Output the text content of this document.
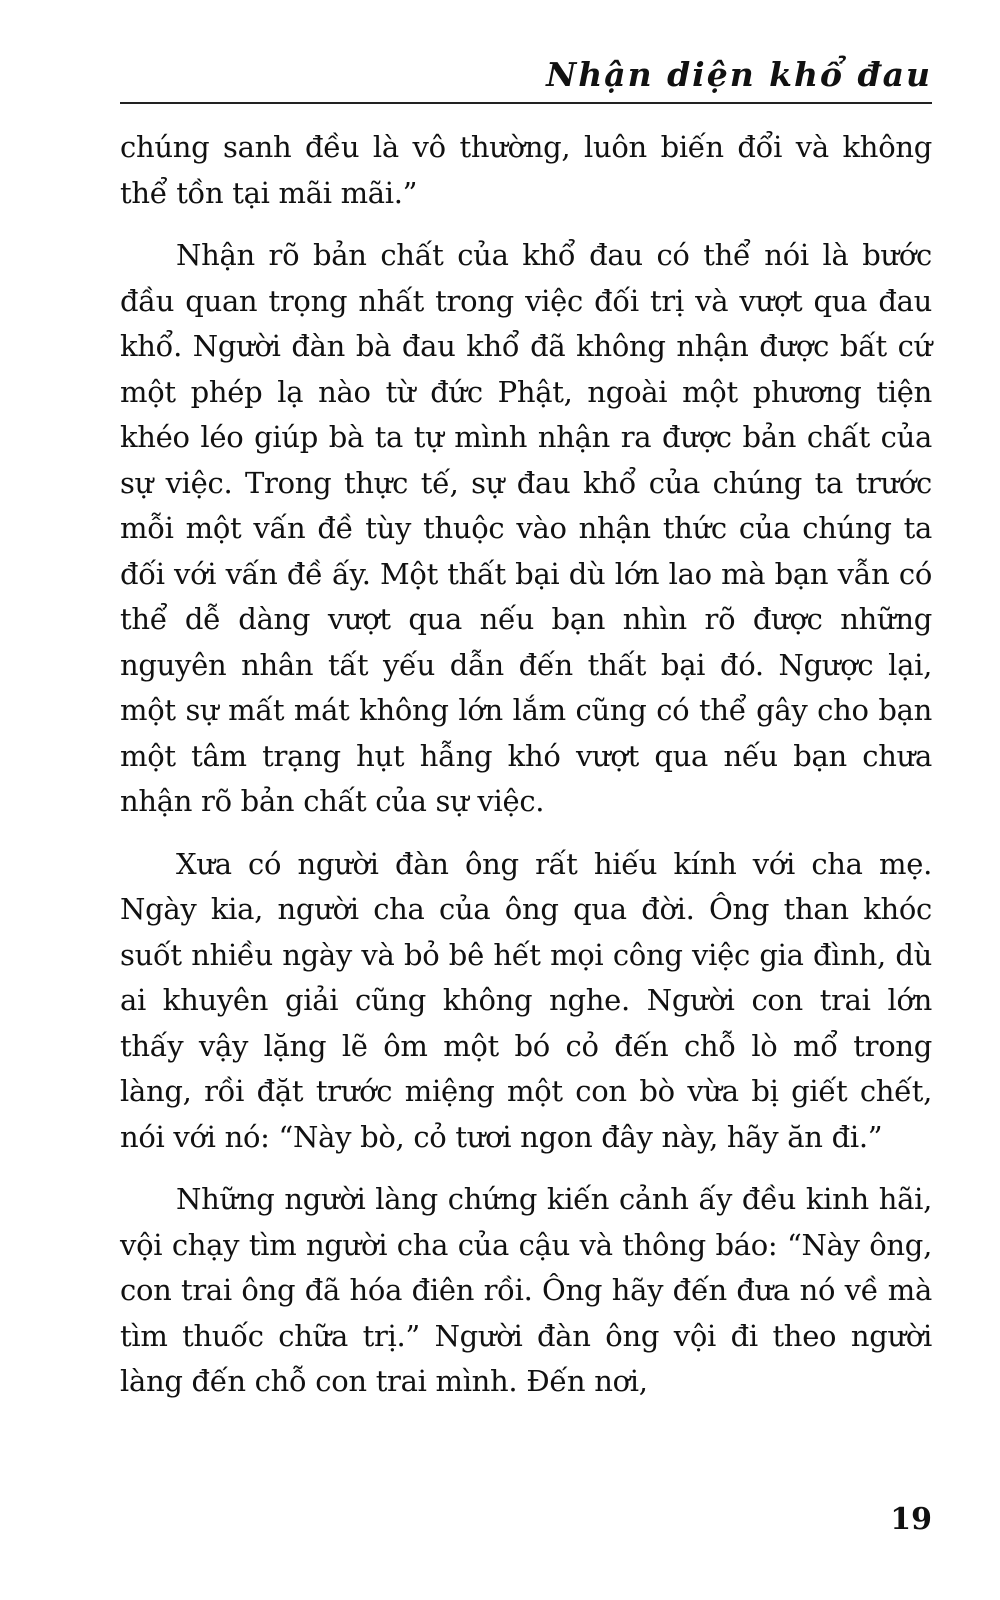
Nhận diện khổ đau

chúng sanh đều là vô thường, luôn biến đổi và không thể tồn tại mãi mãi.”

Nhận rõ bản chất của khổ đau có thể nói là bước đầu quan trọng nhất trong việc đối trị và vượt qua đau khổ. Người đàn bà đau khổ đã không nhận được bất cứ một phép lạ nào từ đức Phật, ngoài một phương tiện khéo léo giúp bà ta tự mình nhận ra được bản chất của sự việc. Trong thực tế, sự đau khổ của chúng ta trước mỗi một vấn đề tùy thuộc vào nhận thức của chúng ta đối với vấn đề ấy. Một thất bại dù lớn lao mà bạn vẫn có thể dễ dàng vượt qua nếu bạn nhìn rõ được những nguyên nhân tất yếu dẫn đến thất bại đó. Ngược lại, một sự mất mát không lớn lắm cũng có thể gây cho bạn một tâm trạng hụt hẫng khó vượt qua nếu bạn chưa nhận rõ bản chất của sự việc.

Xưa có người đàn ông rất hiếu kính với cha mẹ. Ngày kia, người cha của ông qua đời. Ông than khóc suốt nhiều ngày và bỏ bê hết mọi công việc gia đình, dù ai khuyên giải cũng không nghe. Người con trai lớn thấy vậy lặng lẽ ôm một bó cỏ đến chỗ lò mổ trong làng, rồi đặt trước miệng một con bò vừa bị giết chết, nói với nó: “Này bò, cỏ tươi ngon đây này, hãy ăn đi.”

Những người làng chứng kiến cảnh ấy đều kinh hãi, vội chạy tìm người cha của cậu và thông báo: “Này ông, con trai ông đã hóa điên rồi. Ông hãy đến đưa nó về mà tìm thuốc chữa trị.” Người đàn ông vội đi theo người làng đến chỗ con trai mình. Đến nơi,

19
